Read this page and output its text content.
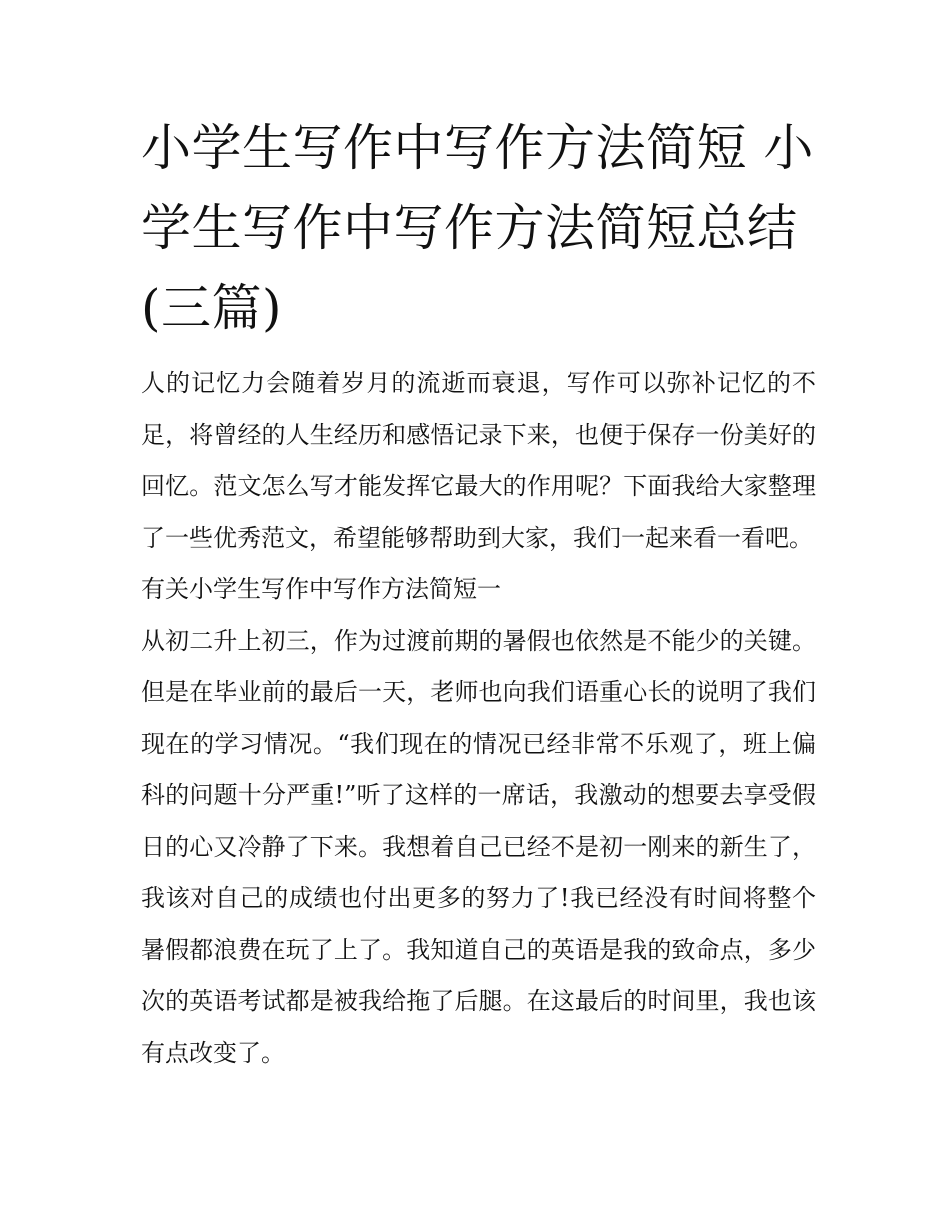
小学生写作中写作方法简短 小学生写作中写作方法简短总结(三篇)

人的记忆力会随着岁月的流逝而衰退，写作可以弥补记忆的不足，将曾经的人生经历和感悟记录下来，也便于保存一份美好的回忆。范文怎么写才能发挥它最大的作用呢？下面我给大家整理了一些优秀范文，希望能够帮助到大家，我们一起来看一看吧。

有关小学生写作中写作方法简短一

从初二升上初三，作为过渡前期的暑假也依然是不能少的关键。但是在毕业前的最后一天，老师也向我们语重心长的说明了我们现在的学习情况。“我们现在的情况已经非常不乐观了，班上偏科的问题十分严重!”听了这样的一席话，我激动的想要去享受假日的心又冷静了下来。我想着自己已经不是初一刚来的新生了，我该对自己的成绩也付出更多的努力了!我已经没有时间将整个暑假都浪费在玩了上了。我知道自己的英语是我的致命点，多少次的英语考试都是被我给拖了后腿。在这最后的时间里，我也该有点改变了。
